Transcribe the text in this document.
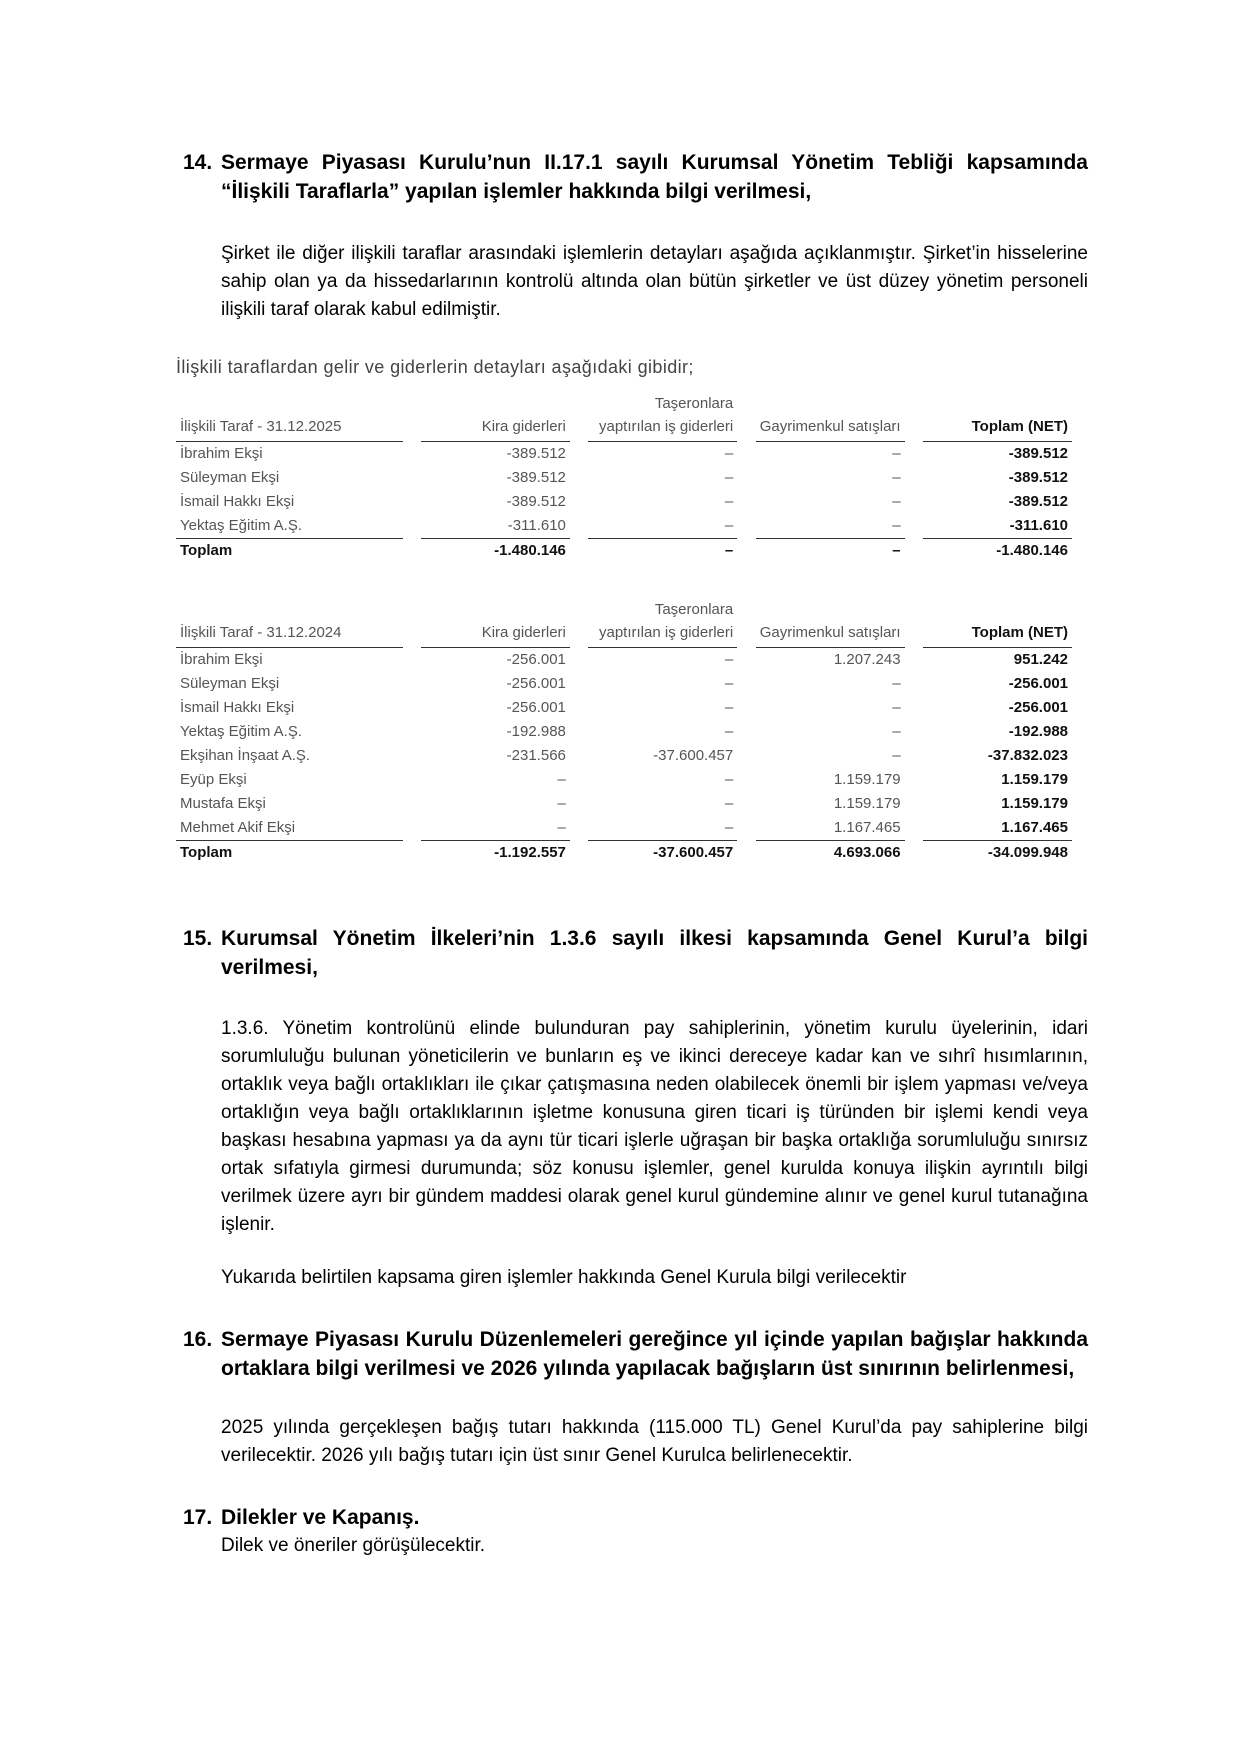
14. Sermaye Piyasası Kurulu’nun II.17.1 sayılı Kurumsal Yönetim Tebliği kapsamında “İlişkili Taraflarla” yapılan işlemler hakkında bilgi verilmesi,

Şirket ile diğer ilişkili taraflar arasındaki işlemlerin detayları aşağıda açıklanmıştır. Şirket’in hisselerine sahip olan ya da hissedarlarının kontrolü altında olan bütün şirketler ve üst düzey yönetim personeli ilişkili taraf olarak kabul edilmiştir.

İlişkili taraflardan gelir ve giderlerin detayları aşağıdaki gibidir;
İlişkili Taraf - 31.12.2025		Kira giderleri		Taşeronlara yaptırılan iş giderleri		Gayrimenkul satışları		Toplam (NET)
İbrahim Ekşi		-389.512		–		–		-389.512
Süleyman Ekşi		-389.512		–		–		-389.512
İsmail Hakkı Ekşi		-389.512		–		–		-389.512
Yektaş Eğitim A.Ş.		-311.610		–		–		-311.610
Toplam		-1.480.146		–		–		-1.480.146
İlişkili Taraf - 31.12.2024		Kira giderleri		Taşeronlara yaptırılan iş giderleri		Gayrimenkul satışları		Toplam (NET)
İbrahim Ekşi		-256.001		–		1.207.243		951.242
Süleyman Ekşi		-256.001		–		–		-256.001
İsmail Hakkı Ekşi		-256.001		–		–		-256.001
Yektaş Eğitim A.Ş.		-192.988		–		–		-192.988
Ekşihan İnşaat A.Ş.		-231.566		-37.600.457		–		-37.832.023
Eyüp Ekşi		–		–		1.159.179		1.159.179
Mustafa Ekşi		–		–		1.159.179		1.159.179
Mehmet Akif Ekşi		–		–		1.167.465		1.167.465
Toplam		-1.192.557		-37.600.457		4.693.066		-34.099.948
15. Kurumsal Yönetim İlkeleri’nin 1.3.6 sayılı ilkesi kapsamında Genel Kurul’a bilgi verilmesi,

1.3.6. Yönetim kontrolünü elinde bulunduran pay sahiplerinin, yönetim kurulu üyelerinin, idari sorumluluğu bulunan yöneticilerin ve bunların eş ve ikinci dereceye kadar kan ve sıhrî hısımlarının, ortaklık veya bağlı ortaklıkları ile çıkar çatışmasına neden olabilecek önemli bir işlem yapması ve/veya ortaklığın veya bağlı ortaklıklarının işletme konusuna giren ticari iş türünden bir işlemi kendi veya başkası hesabına yapması ya da aynı tür ticari işlerle uğraşan bir başka ortaklığa sorumluluğu sınırsız ortak sıfatıyla girmesi durumunda; söz konusu işlemler, genel kurulda konuya ilişkin ayrıntılı bilgi verilmek üzere ayrı bir gündem maddesi olarak genel kurul gündemine alınır ve genel kurul tutanağına işlenir.

Yukarıda belirtilen kapsama giren işlemler hakkında Genel Kurula bilgi verilecektir

16. Sermaye Piyasası Kurulu Düzenlemeleri gereğince yıl içinde yapılan bağışlar hakkında ortaklara bilgi verilmesi ve 2026 yılında yapılacak bağışların üst sınırının belirlenmesi,

2025 yılında gerçekleşen bağış tutarı hakkında (115.000 TL) Genel Kurul’da pay sahiplerine bilgi verilecektir. 2026 yılı bağış tutarı için üst sınır Genel Kurulca belirlenecektir.

17. Dilekler ve Kapanış.

Dilek ve öneriler görüşülecektir.
